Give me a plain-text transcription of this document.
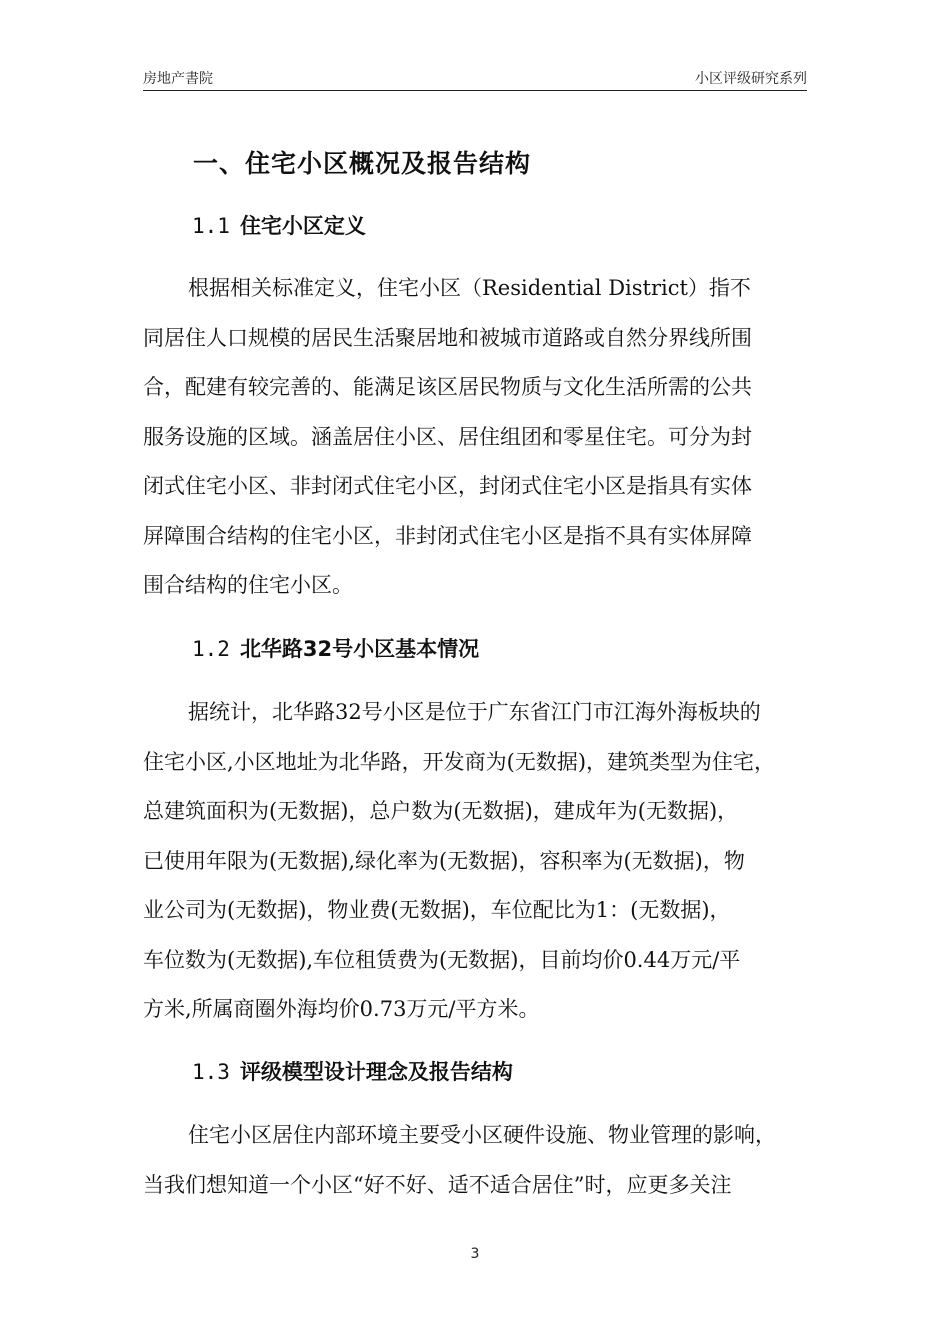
房地产書院	小区评级研究系列
一、住宅小区概况及报告结构
1.1 住宅小区定义
根据相关标准定义，住宅小区（Residential District）指不
同居住人口规模的居民生活聚居地和被城市道路或自然分界线所围
合，配建有较完善的、能满足该区居民物质与文化生活所需的公共
服务设施的区域。涵盖居住小区、居住组团和零星住宅。可分为封
闭式住宅小区、非封闭式住宅小区，封闭式住宅小区是指具有实体
屏障围合结构的住宅小区，非封闭式住宅小区是指不具有实体屏障
围合结构的住宅小区。
1.2 北华路32号小区基本情况
据统计，北华路32号小区是位于广东省江门市江海外海板块的
住宅小区,小区地址为北华路，开发商为(无数据)，建筑类型为住宅，
总建筑面积为(无数据)，总户数为(无数据)，建成年为(无数据)，
已使用年限为(无数据),绿化率为(无数据)，容积率为(无数据)，物
业公司为(无数据)，物业费(无数据)，车位配比为1：(无数据)，
车位数为(无数据),车位租赁费为(无数据)，目前均价0.44万元/平
方米,所属商圈外海均价0.73万元/平方米。
1.3 评级模型设计理念及报告结构
住宅小区居住内部环境主要受小区硬件设施、物业管理的影响，
当我们想知道一个小区“好不好、适不适合居住”时，应更多关注
3
